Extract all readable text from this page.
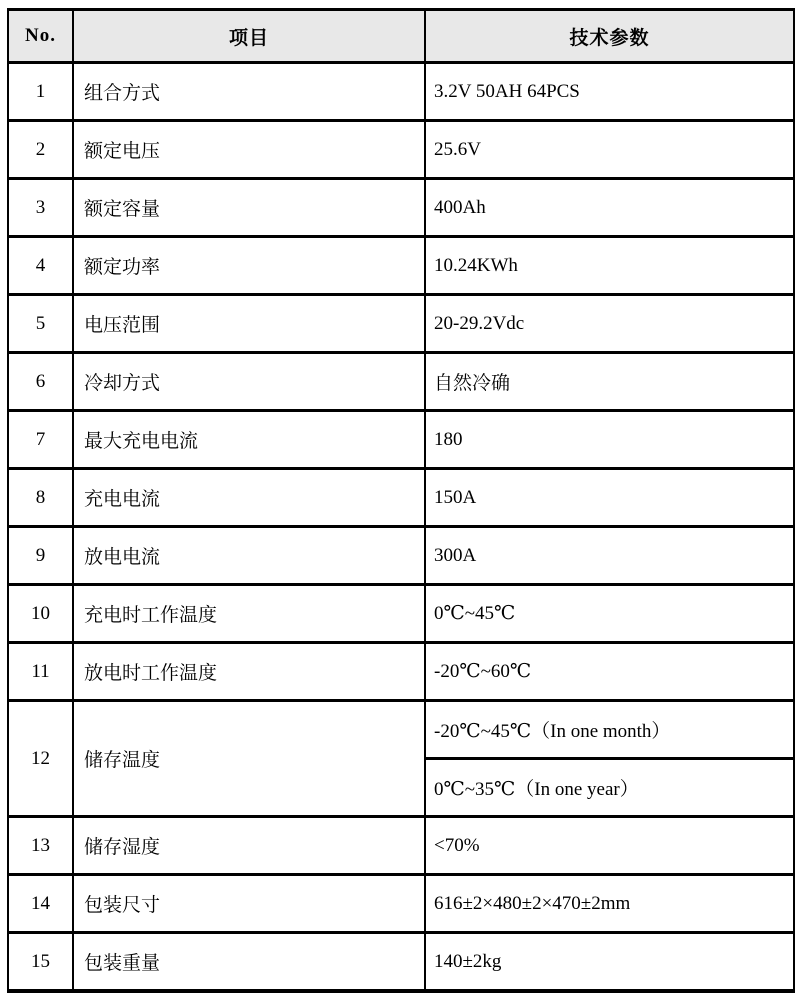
No.	项目	技术参数
1	组合方式	3.2V 50AH 64PCS
2	额定电压	25.6V
3	额定容量	400Ah
4	额定功率	10.24KWh
5	电压范围	20-29.2Vdc
6	冷却方式	自然冷确
7	最大充电电流	180
8	充电电流	150A
9	放电电流	300A
10	充电时工作温度	0℃~45℃
11	放电时工作温度	-20℃~60℃
12	储存温度	-20℃~45℃（In one month）
		0℃~35℃（In one year）
13	储存湿度	<70%
14	包装尺寸	616±2×480±2×470±2mm
15	包装重量	140±2kg
